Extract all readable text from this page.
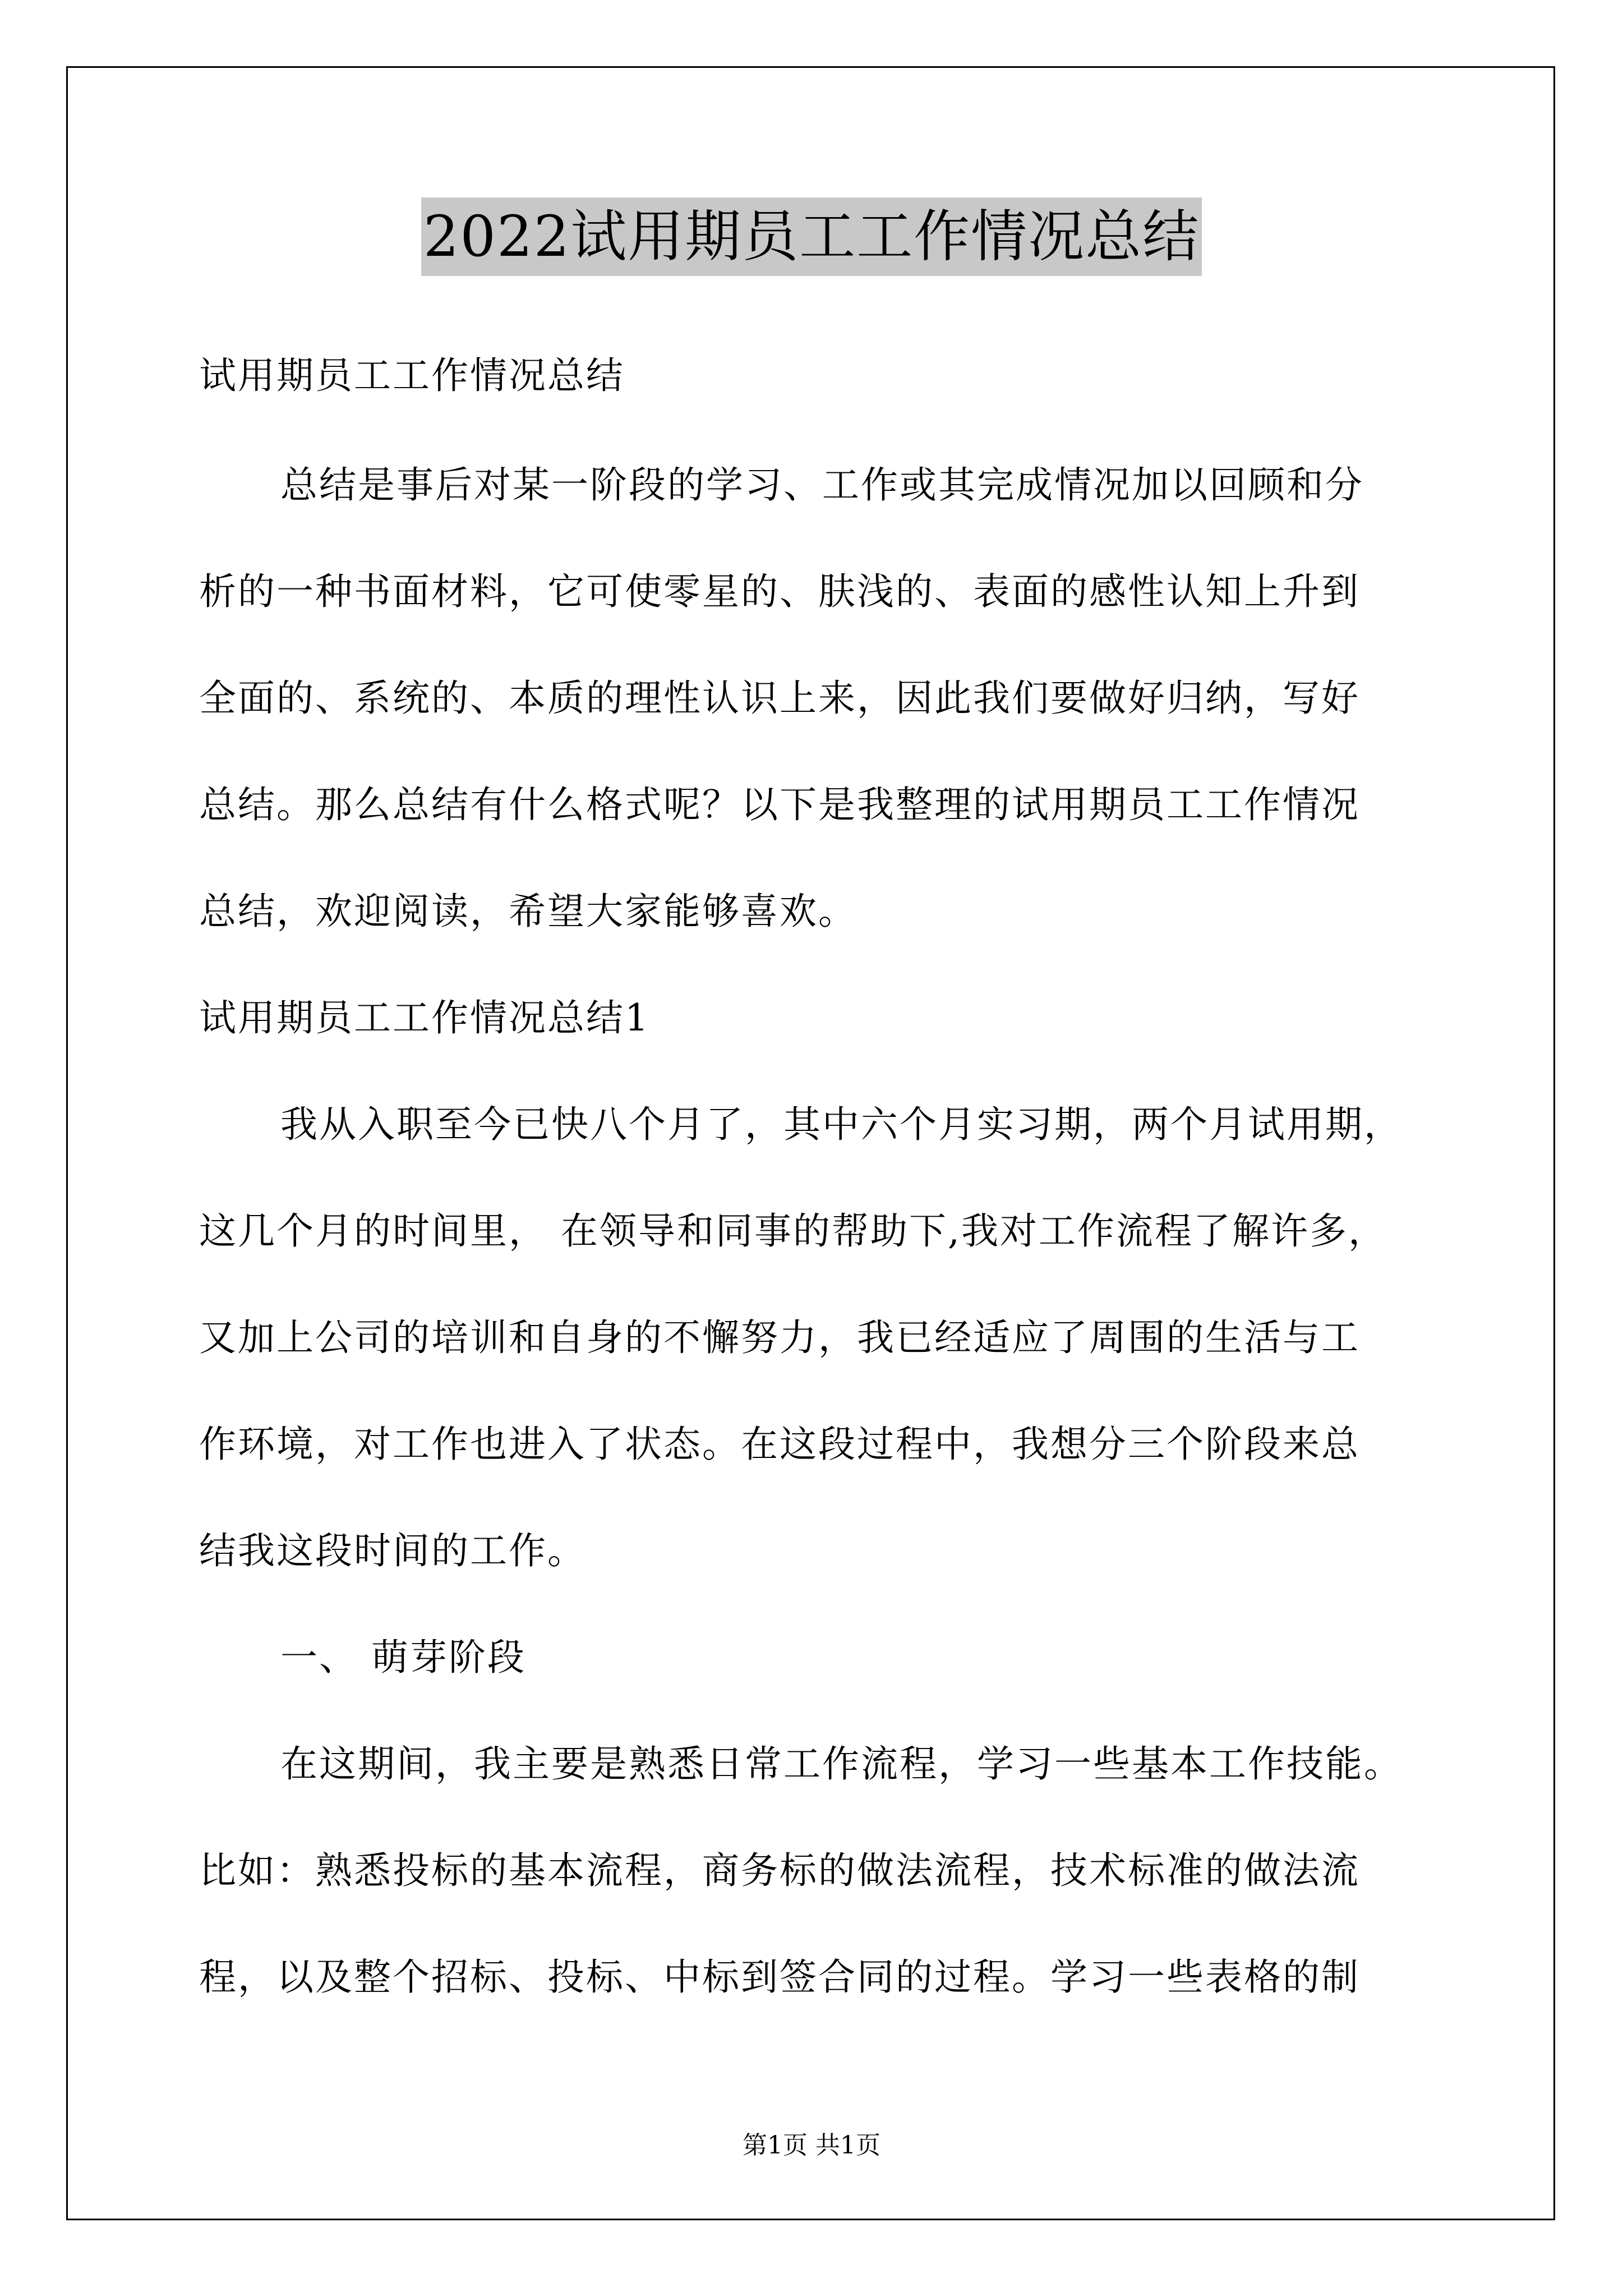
2022试用期员工工作情况总结
试用期员工工作情况总结
总结是事后对某一阶段的学习、工作或其完成情况加以回顾和分
析的一种书面材料，它可使零星的、肤浅的、表面的感性认知上升到
全面的、系统的、本质的理性认识上来，因此我们要做好归纳，写好
总结。那么总结有什么格式呢？以下是我整理的试用期员工工作情况
总结，欢迎阅读，希望大家能够喜欢。
试用期员工工作情况总结1
我从入职至今已快八个月了，其中六个月实习期，两个月试用期，
这几个月的时间里， 在领导和同事的帮助下,我对工作流程了解许多，
又加上公司的培训和自身的不懈努力，我已经适应了周围的生活与工
作环境，对工作也进入了状态。在这段过程中，我想分三个阶段来总
结我这段时间的工作。
一、 萌芽阶段
在这期间，我主要是熟悉日常工作流程，学习一些基本工作技能。
比如：熟悉投标的基本流程，商务标的做法流程，技术标准的做法流
程，以及整个招标、投标、中标到签合同的过程。学习一些表格的制
第1页 共1页
